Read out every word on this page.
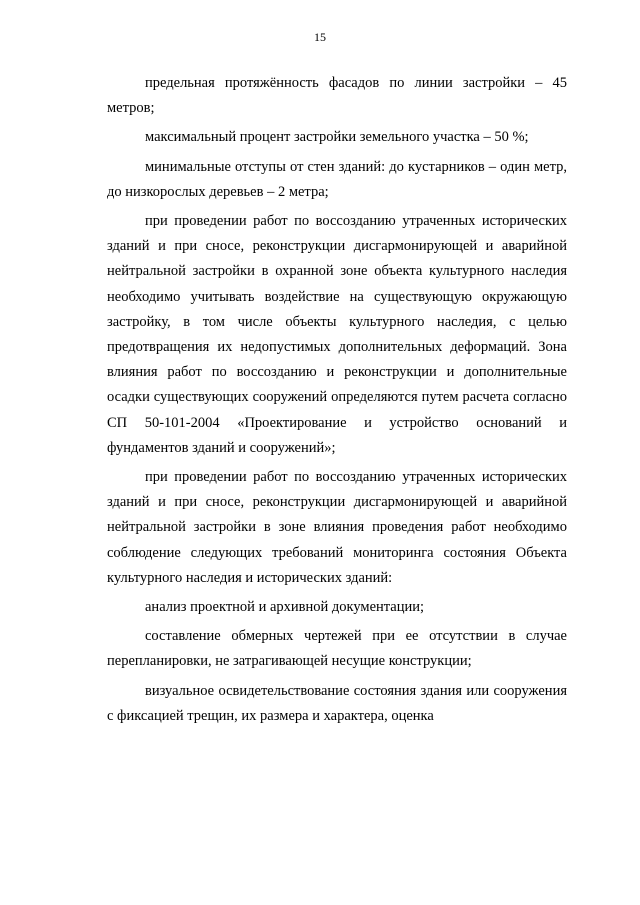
15

предельная протяжённость фасадов по линии застройки – 45 метров;

максимальный процент застройки земельного участка – 50 %;

минимальные отступы от стен зданий: до кустарников – один метр, до низкорослых деревьев – 2 метра;

при проведении работ по воссозданию утраченных исторических зданий и при сносе, реконструкции дисгармонирующей и аварийной нейтральной застройки в охранной зоне объекта культурного наследия необходимо учитывать воздействие на существующую окружающую застройку, в том числе объекты культурного наследия, с целью предотвращения их недопустимых дополнительных деформаций. Зона влияния работ по воссозданию и реконструкции и дополнительные осадки существующих сооружений определяются путем расчета согласно СП 50-101-2004 «Проектирование и устройство оснований и фундаментов зданий и сооружений»;

при проведении работ по воссозданию утраченных исторических зданий и при сносе, реконструкции дисгармонирующей и аварийной нейтральной застройки в зоне влияния проведения работ необходимо соблюдение следующих требований мониторинга состояния Объекта культурного наследия и исторических зданий:

анализ проектной и архивной документации;

составление обмерных чертежей при ее отсутствии в случае перепланировки, не затрагивающей несущие конструкции;

визуальное освидетельствование состояния здания или сооружения с фиксацией трещин, их размера и характера, оценка
